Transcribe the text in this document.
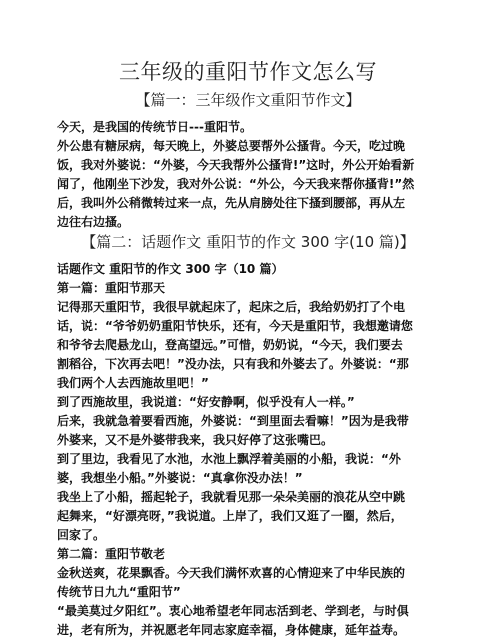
三年级的重阳节作文怎么写
【篇一：三年级作文重阳节作文】
今天，是我国的传统节日---重阳节。
外公患有糖尿病，每天晚上，外婆总要帮外公搔背。今天，吃过晚
饭，我对外婆说：“外婆，今天我帮外公搔背!”这时，外公开始看新
闻了，他刚坐下沙发，我对外公说：“外公，今天我来帮你搔背!”然
后，我叫外公稍微转过来一点，先从肩膀处往下搔到腰部，再从左
边往右边搔。
【篇二：话题作文 重阳节的作文 300 字(10 篇)】
话题作文 重阳节的作文 300 字（10 篇）
第一篇：重阳节那天
记得那天重阳节，我很早就起床了，起床之后，我给奶奶打了个电
话，说：“爷爷奶奶重阳节快乐，还有，今天是重阳节，我想邀请您
和爷爷去爬悬龙山，登高望远。”可惜，奶奶说，“今天，我们要去
割稻谷，下次再去吧！”没办法，只有我和外婆去了。外婆说：“那
我们两个人去西施故里吧！”
到了西施故里，我说道：“好安静啊，似乎没有人一样。”
后来，我就急着要看西施，外婆说：“到里面去看嘛！”因为是我带
外婆来，又不是外婆带我来，我只好停了这张嘴巴。
到了里边，我看见了水池，水池上飘浮着美丽的小船，我说：“外
婆，我想坐小船。”外婆说：“真拿你没办法！”
我坐上了小船，摇起轮子，我就看见那一朵朵美丽的浪花从空中跳
起舞来，“好漂亮呀，”我说道。上岸了，我们又逛了一圈，然后，
回家了。
第二篇：重阳节敬老
金秋送爽，花果飘香。今天我们满怀欢喜的心情迎来了中华民族的
传统节日九九“重阳节”
“最美莫过夕阳红”。衷心地希望老年同志活到老、学到老，与时俱
进，老有所为，并祝愿老年同志家庭幸福，身体健康，延年益寿。
